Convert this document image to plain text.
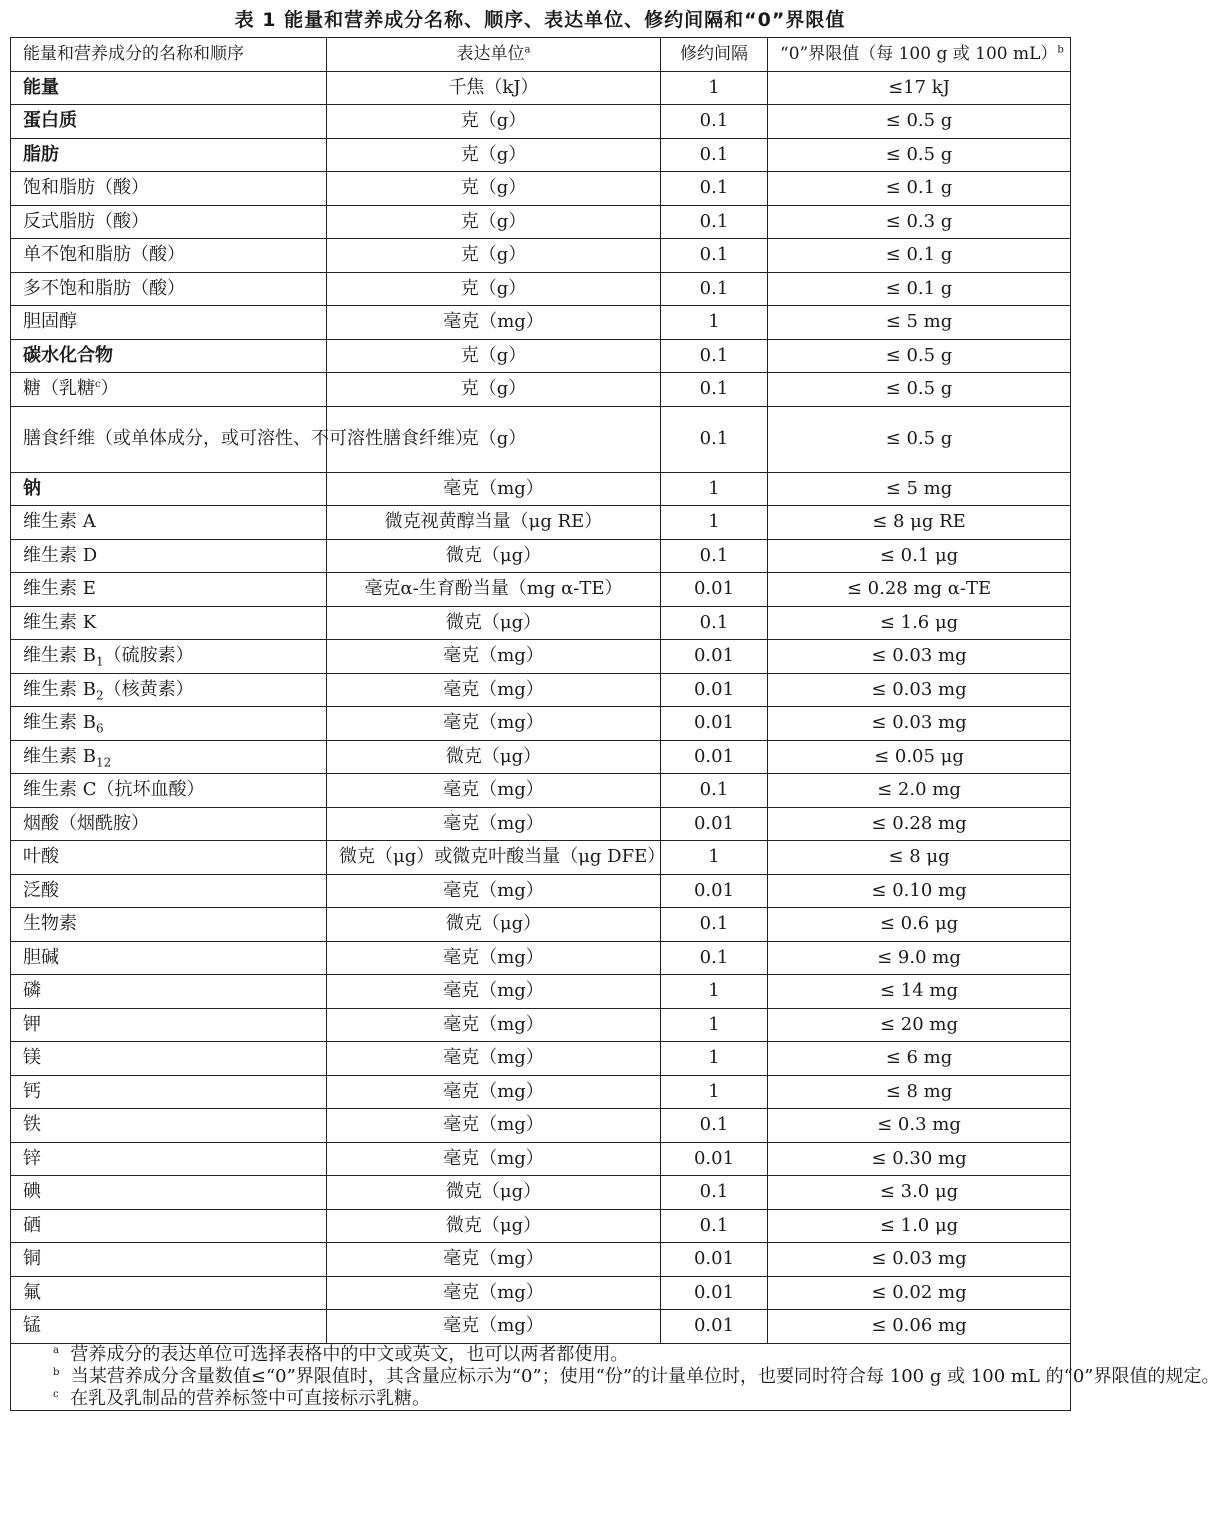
表 1 能量和营养成分名称、顺序、表达单位、修约间隔和“0”界限值
能量和营养成分的名称和顺序	表达单位$^a$	修约间隔	“0”界限值（每 100 g 或 100 mL）$^b$
能量	千焦（kJ）	1	≤17 kJ
蛋白质	克（g）	0.1	≤ 0.5 g
脂肪	克（g）	0.1	≤ 0.5 g
饱和脂肪（酸）	克（g）	0.1	≤ 0.1 g
反式脂肪（酸）	克（g）	0.1	≤ 0.3 g
单不饱和脂肪（酸）	克（g）	0.1	≤ 0.1 g
多不饱和脂肪（酸）	克（g）	0.1	≤ 0.1 g
胆固醇	毫克（mg）	1	≤ 5 mg
碳水化合物	克（g）	0.1	≤ 0.5 g
糖（乳糖$^c$）	克（g）	0.1	≤ 0.5 g
膳食纤维（或单体成分，或可溶性、不可溶性膳食纤维）	克（g）	0.1	≤ 0.5 g
钠	毫克（mg）	1	≤ 5 mg
维生素 A	微克视黄醇当量（μg RE）	1	≤ 8 μg RE
维生素 D	微克（μg）	0.1	≤ 0.1 μg
维生素 E	毫克α-生育酚当量（mg α-TE）	0.01	≤ 0.28 mg α-TE
维生素 K	微克（μg）	0.1	≤ 1.6 μg
维生素 $B_1$（硫胺素）	毫克（mg）	0.01	≤ 0.03 mg
维生素 $B_2$（核黄素）	毫克（mg）	0.01	≤ 0.03 mg
维生素 $B_6$	毫克（mg）	0.01	≤ 0.03 mg
维生素 $B_{12}$	微克（μg）	0.01	≤ 0.05 μg
维生素 C（抗坏血酸）	毫克（mg）	0.1	≤ 2.0 mg
烟酸（烟酰胺）	毫克（mg）	0.01	≤ 0.28 mg
叶酸	微克（μg）或微克叶酸当量（μg DFE）	1	≤ 8 μg
泛酸	毫克（mg）	0.01	≤ 0.10 mg
生物素	微克（μg）	0.1	≤ 0.6 μg
胆碱	毫克（mg）	0.1	≤ 9.0 mg
磷	毫克（mg）	1	≤ 14 mg
钾	毫克（mg）	1	≤ 20 mg
镁	毫克（mg）	1	≤ 6 mg
钙	毫克（mg）	1	≤ 8 mg
铁	毫克（mg）	0.1	≤ 0.3 mg
锌	毫克（mg）	0.01	≤ 0.30 mg
碘	微克（μg）	0.1	≤ 3.0 μg
硒	微克（μg）	0.1	≤ 1.0 μg
铜	毫克（mg）	0.01	≤ 0.03 mg
氟	毫克（mg）	0.01	≤ 0.02 mg
锰	毫克（mg）	0.01	≤ 0.06 mg

$^a$ 营养成分的表达单位可选择表格中的中文或英文，也可以两者都使用。
$^b$ 当某营养成分含量数值≤“0”界限值时，其含量应标示为“0”；使用“份”的计量单位时，也要同时符合每 100 g 或 100 mL 的“0”界限值的规定。
$^c$ 在乳及乳制品的营养标签中可直接标示乳糖。			
